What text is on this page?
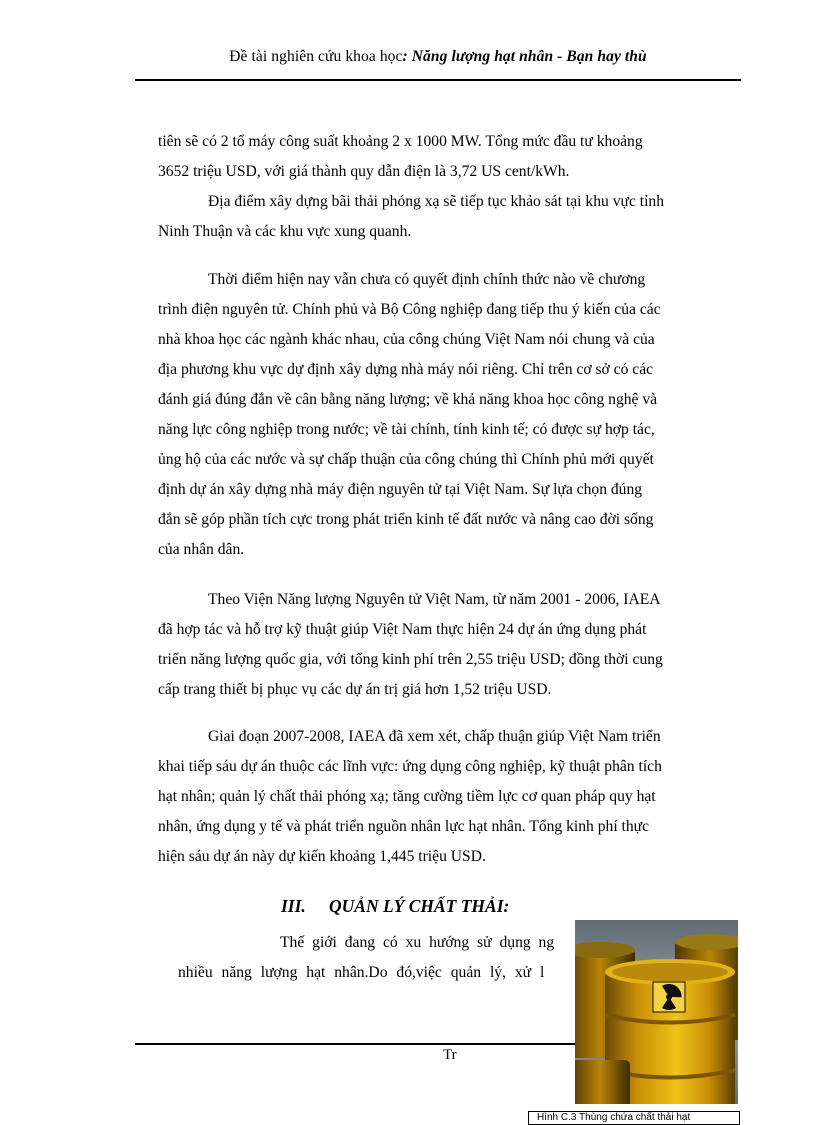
Đề tài nghiên cứu khoa học: Năng lượng hạt nhân - Bạn hay thù

tiên sẽ có 2 tổ máy công suất khoảng 2 x 1000 MW. Tổng mức đầu tư khoảng
3652 triệu USD, với giá thành quy dẫn điện là 3,72 US cent/kWh.

Địa điểm xây dựng bãi thải phóng xạ sẽ tiếp tục khảo sát tại khu vực tỉnh
Ninh Thuận và các khu vực xung quanh.

Thời điểm hiện nay vẫn chưa có quyết định chính thức nào về chương
trình điện nguyên tử. Chính phủ và Bộ Công nghiệp đang tiếp thu ý kiến của các
nhà khoa học các ngành khác nhau, của công chúng Việt Nam nói chung và của
địa phương khu vực dự định xây dựng nhà máy nói riêng. Chỉ trên cơ sở có các
đánh giá đúng đắn về cân bằng năng lượng; về khả năng khoa học công nghệ và
năng lực công nghiệp trong nước; về tài chính, tính kinh tế; có được sự hợp tác,
ủng hộ của các nước và sự chấp thuận của công chúng thì Chính phủ mới quyết
định dự án xây dựng nhà máy điện nguyên tử tại Việt Nam. Sự lựa chọn đúng
đắn sẽ góp phần tích cực trong phát triển kinh tế đất nước và nâng cao đời sống
của nhân dân.

Theo Viện Năng lượng Nguyên tử Việt Nam, từ năm 2001 - 2006, IAEA
đã hợp tác và hỗ trợ kỹ thuật giúp Việt Nam thực hiện 24 dự án ứng dụng phát
triển năng lượng quốc gia, với tổng kinh phí trên 2,55 triệu USD; đồng thời cung
cấp trang thiết bị phục vụ các dự án trị giá hơn 1,52 triệu USD.

Giai đoạn 2007-2008, IAEA đã xem xét, chấp thuận giúp Việt Nam triển
khai tiếp sáu dự án thuộc các lĩnh vực: ứng dụng công nghiệp, kỹ thuật phân tích
hạt nhân; quản lý chất thải phóng xạ; tăng cường tiềm lực cơ quan pháp quy hạt
nhân, ứng dụng y tế và phát triển nguồn nhân lực hạt nhân. Tổng kinh phí thực
hiện sáu dự án này dự kiến khoảng 1,445 triệu USD.

III. QUẢN LÝ CHẤT THẢI:

Thế giới đang có xu hướng sử dụng ng
nhiều năng lượng hạt nhân.Do đó,việc quản lý, xử l

Tr
Hình C.3 Thùng chứa chất thải hạt
